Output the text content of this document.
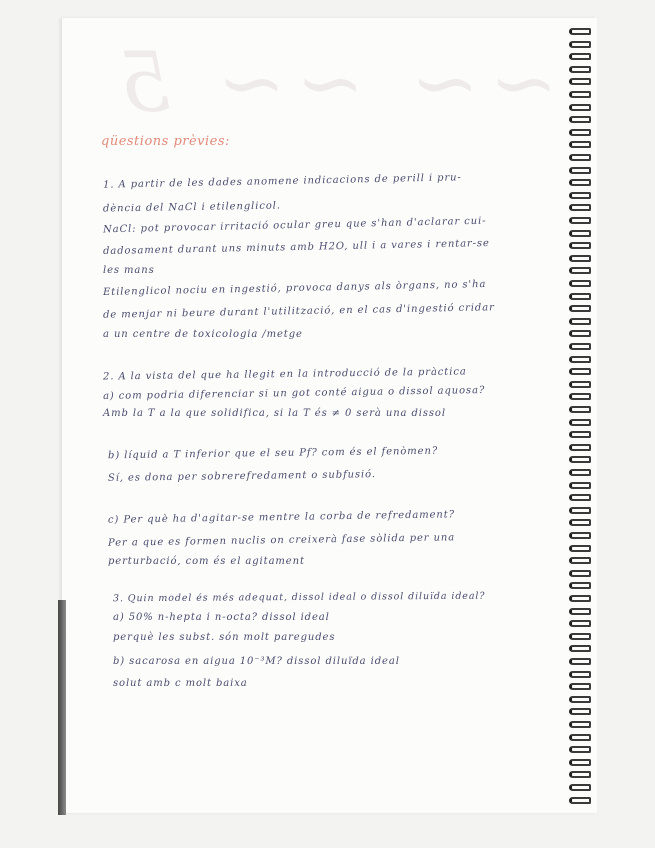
~~ ~~ 5
qüestions prèvies:
1. A partir de les dades anomene indicacions de perill i pru-
dència del NaCl i etilenglicol.
NaCl: pot provocar irritació ocular greu que s'han d'aclarar cui-
dadosament durant uns minuts amb H2O, ull i a vares i rentar-se
les mans
Etilenglicol nociu en ingestió, provoca danys als òrgans, no s'ha
de menjar ni beure durant l'utilització, en el cas d'ingestió cridar
a un centre de toxicologia /metge
2. A la vista del que ha llegit en la introducció de la pràctica
a) com podria diferenciar si un got conté aigua o dissol aquosa?
Amb la T a la que solidifica, si la T és ≠ 0 serà una dissol
b) líquid a T inferior que el seu Pf? com és el fenòmen?
Sí, es dona per sobrerefredament o subfusió.
c) Per què ha d'agitar-se mentre la corba de refredament?
Per a que es formen nuclis on creixerà fase sòlida per una
perturbació, com és el agitament
3. Quin model és més adequat, dissol ideal o dissol diluïda ideal?
a) 50% n-hepta i n-octa? dissol ideal
perquè les subst. són molt paregudes
b) sacarosa en aigua 10⁻³M? dissol diluïda ideal
solut amb c molt baixa
